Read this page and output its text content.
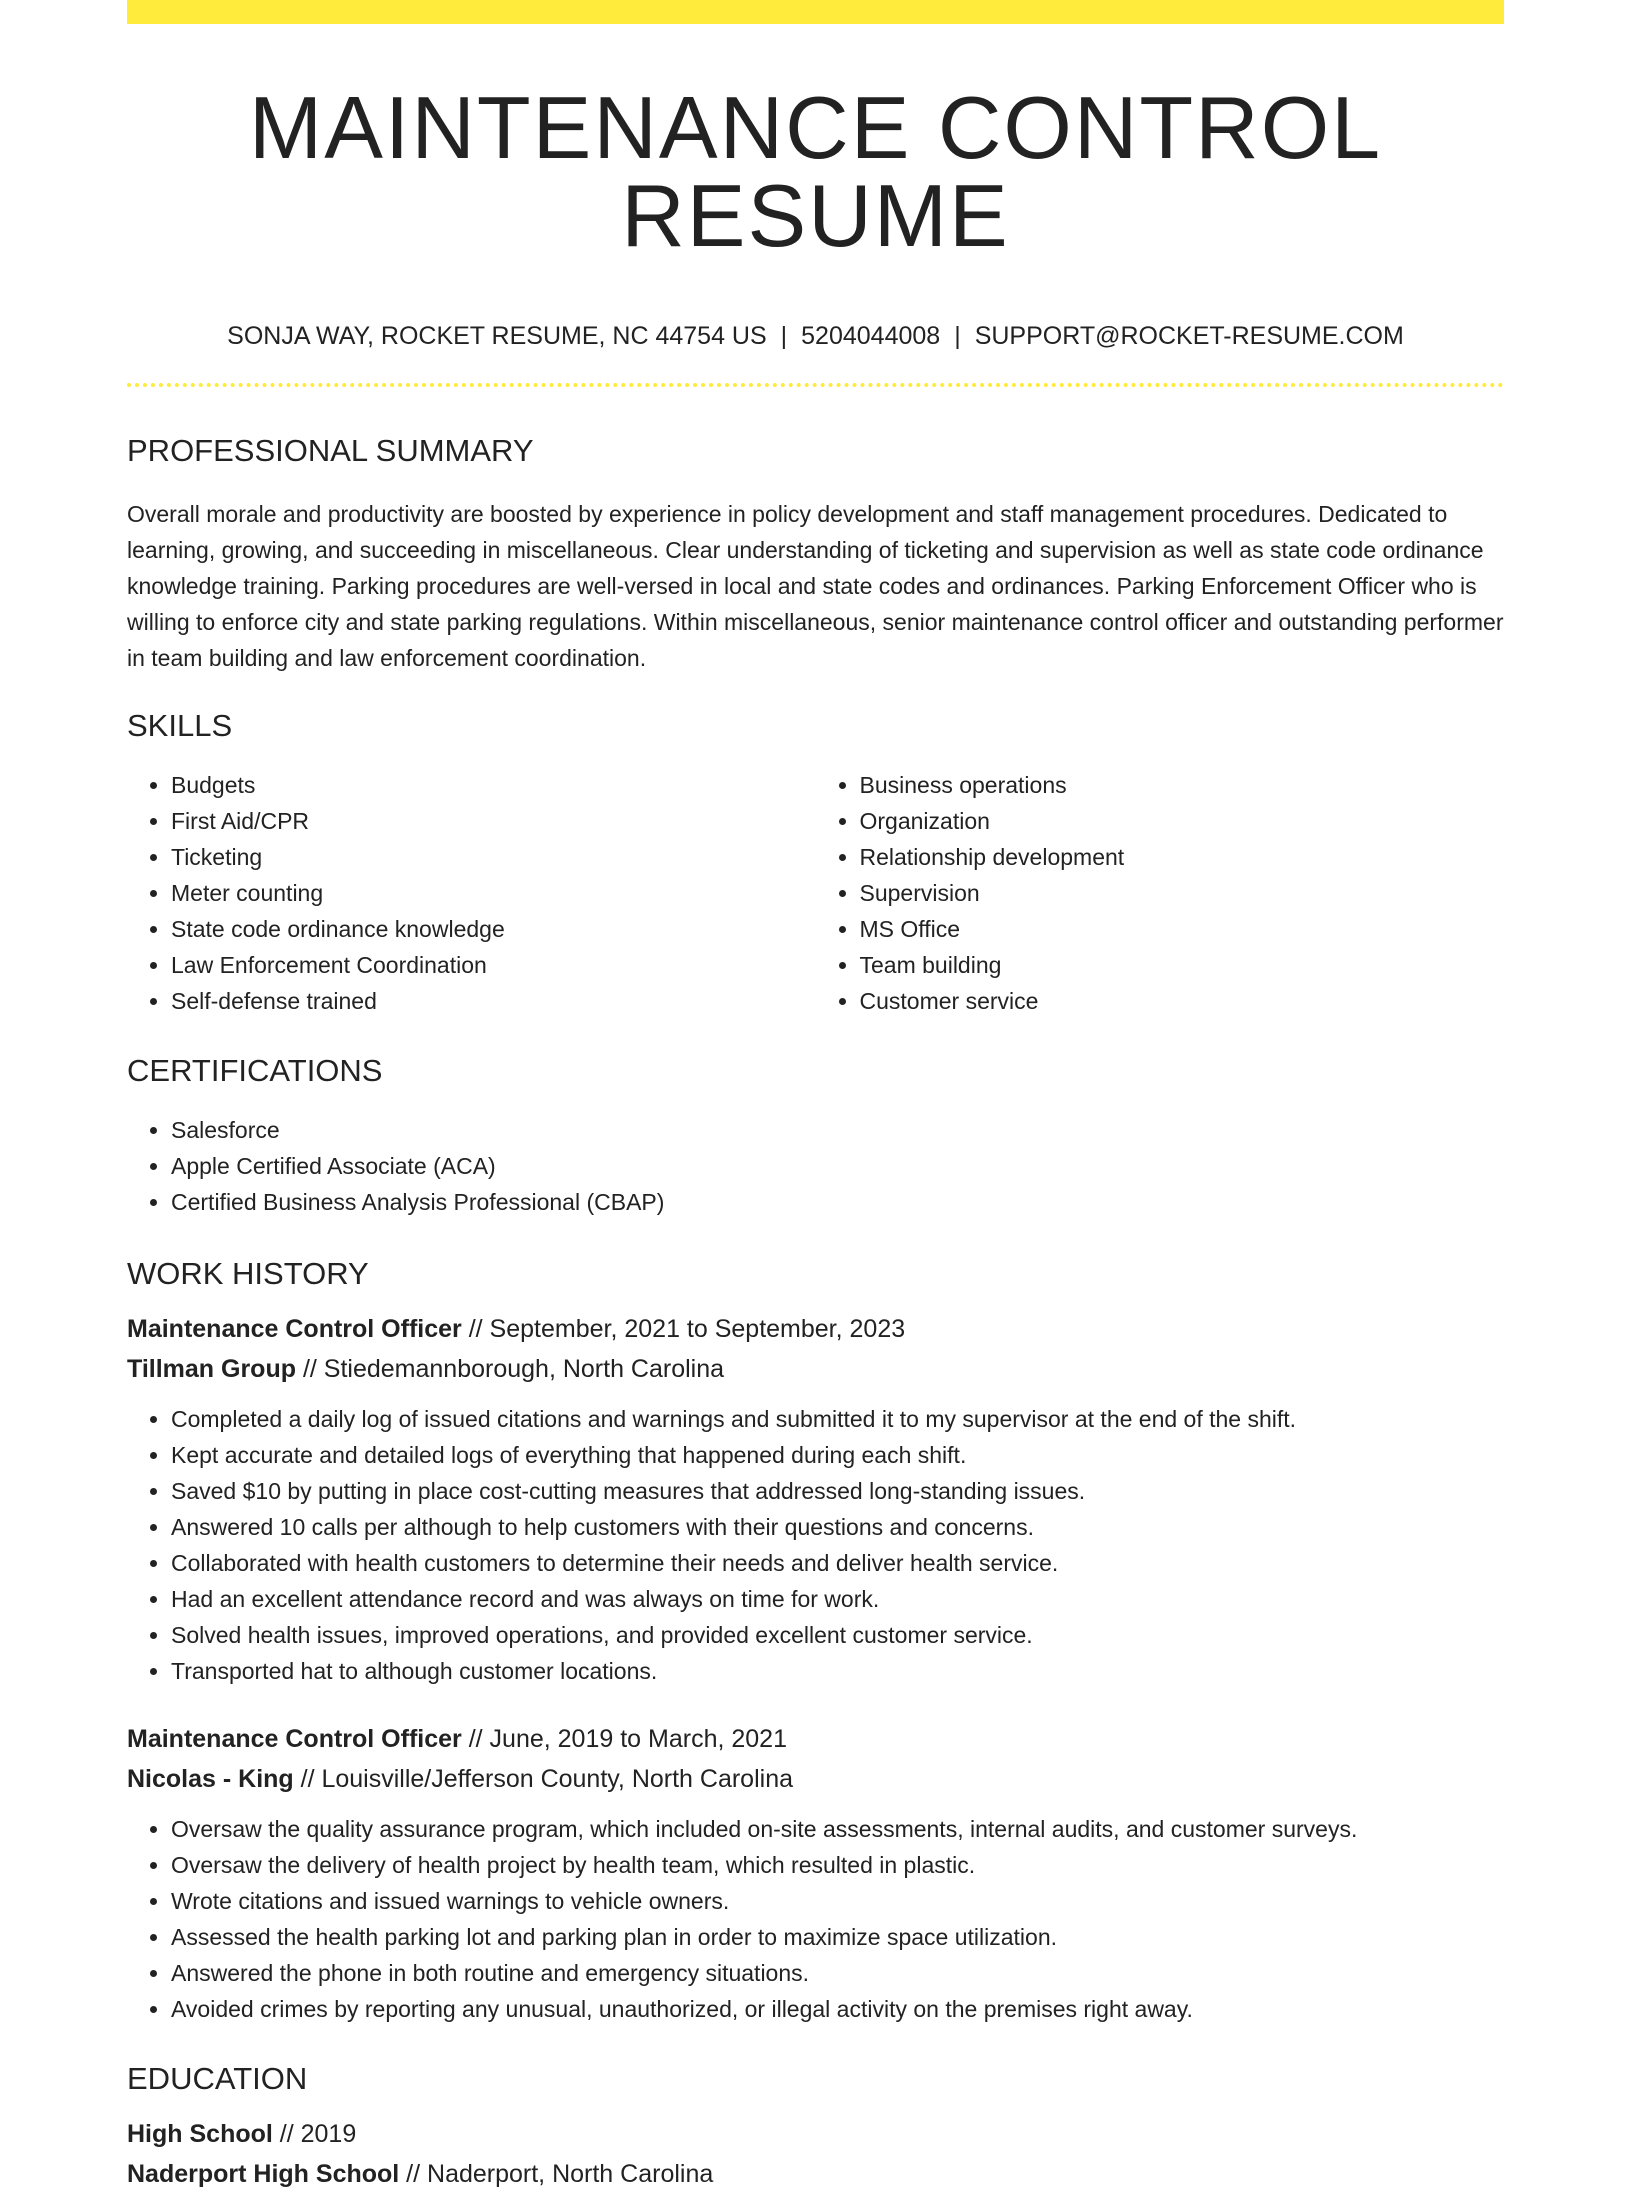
MAINTENANCE CONTROL RESUME
SONJA WAY, ROCKET RESUME, NC 44754 US | 5204044008 | SUPPORT@ROCKET-RESUME.COM
PROFESSIONAL SUMMARY

Overall morale and productivity are boosted by experience in policy development and staff management procedures. Dedicated to learning, growing, and succeeding in miscellaneous. Clear understanding of ticketing and supervision as well as state code ordinance knowledge training. Parking procedures are well-versed in local and state codes and ordinances. Parking Enforcement Officer who is willing to enforce city and state parking regulations. Within miscellaneous, senior maintenance control officer and outstanding performer in team building and law enforcement coordination.

SKILLS
• Budgets
• First Aid/CPR
• Ticketing
• Meter counting
• State code ordinance knowledge
• Law Enforcement Coordination
• Self-defense trained
• Business operations
• Organization
• Relationship development
• Supervision
• MS Office
• Team building
• Customer service
CERTIFICATIONS
• Salesforce
• Apple Certified Associate (ACA)
• Certified Business Analysis Professional (CBAP)
WORK HISTORY
Maintenance Control Officer // September, 2021 to September, 2023
Tillman Group // Stiedemannborough, North Carolina
• Completed a daily log of issued citations and warnings and submitted it to my supervisor at the end of the shift.
• Kept accurate and detailed logs of everything that happened during each shift.
• Saved $10 by putting in place cost-cutting measures that addressed long-standing issues.
• Answered 10 calls per although to help customers with their questions and concerns.
• Collaborated with health customers to determine their needs and deliver health service.
• Had an excellent attendance record and was always on time for work.
• Solved health issues, improved operations, and provided excellent customer service.
• Transported hat to although customer locations.
Maintenance Control Officer // June, 2019 to March, 2021
Nicolas - King // Louisville/Jefferson County, North Carolina
• Oversaw the quality assurance program, which included on-site assessments, internal audits, and customer surveys.
• Oversaw the delivery of health project by health team, which resulted in plastic.
• Wrote citations and issued warnings to vehicle owners.
• Assessed the health parking lot and parking plan in order to maximize space utilization.
• Answered the phone in both routine and emergency situations.
• Avoided crimes by reporting any unusual, unauthorized, or illegal activity on the premises right away.
EDUCATION
High School // 2019
Naderport High School // Naderport, North Carolina
